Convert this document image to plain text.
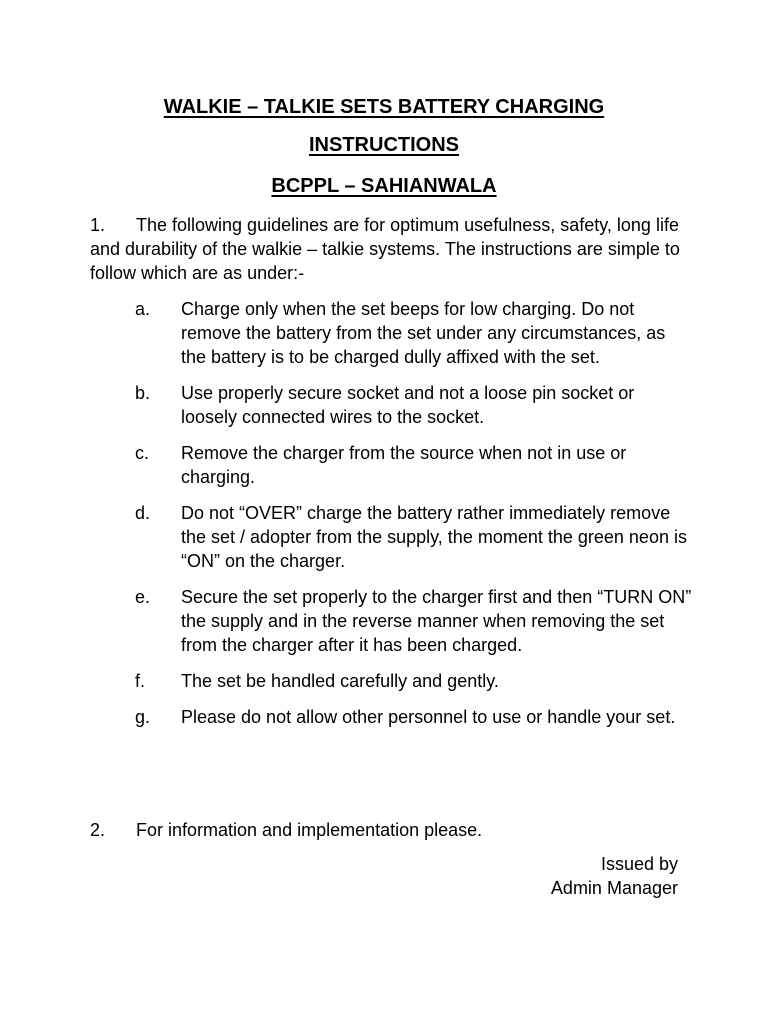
WALKIE – TALKIE SETS BATTERY CHARGING
INSTRUCTIONS
BCPPL – SAHIANWALA
1. The following guidelines are for optimum usefulness, safety, long life and durability of the walkie – talkie systems. The instructions are simple to follow which are as under:-
a. Charge only when the set beeps for low charging. Do not remove the battery from the set under any circumstances, as the battery is to be charged dully affixed with the set.
b. Use properly secure socket and not a loose pin socket or loosely connected wires to the socket.
c. Remove the charger from the source when not in use or charging.
d. Do not “OVER” charge the battery rather immediately remove the set / adopter from the supply, the moment the green neon is “ON” on the charger.
e. Secure the set properly to the charger first and then “TURN ON” the supply and in the reverse manner when removing the set from the charger after it has been charged.
f. The set be handled carefully and gently.
g. Please do not allow other personnel to use or handle your set.
2. For information and implementation please.
Issued by
Admin Manager
